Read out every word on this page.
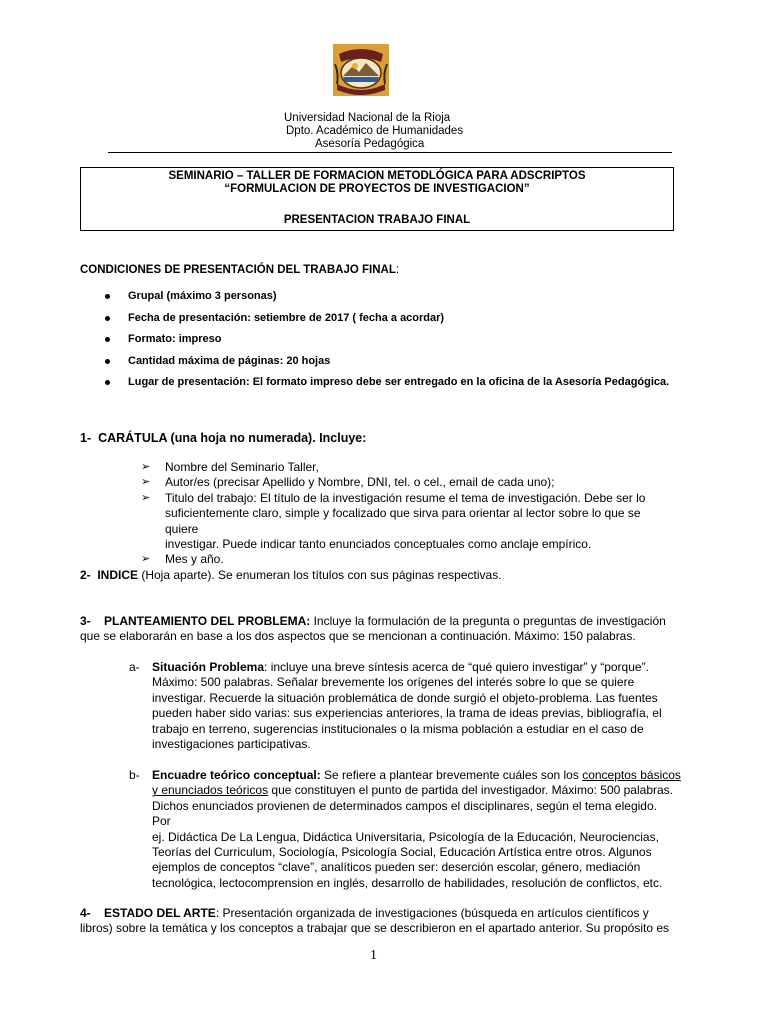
Universidad Nacional de la Rioja
Dpto. Académico de Humanidades
Asesoría Pedagógica
SEMINARIO – TALLER DE FORMACION METODLÓGICA PARA ADSCRIPTOS
“FORMULACION DE PROYECTOS DE INVESTIGACION”
PRESENTACION TRABAJO FINAL
CONDICIONES DE PRESENTACIÓN DEL TRABAJO FINAL:
Grupal (máximo 3 personas)
Fecha de presentación: setiembre de 2017 ( fecha a acordar)
Formato: impreso
Cantidad máxima de páginas: 20 hojas
Lugar de presentación: El formato impreso debe ser entregado en la oficina de la Asesoría Pedagógica.
1- CARÁTULA (una hoja no numerada). Incluye:
➢ Nombre del Seminario Taller,
➢ Autor/es (precisar Apellido y Nombre, DNI, tel. o cel., email de cada uno);
➢ Titulo del trabajo: El título de la investigación resume el tema de investigación. Debe ser lo
suficientemente claro, simple y focalizado que sirva para orientar al lector sobre lo que se quiere
investigar. Puede indicar tanto enunciados conceptuales como anclaje empírico.
➢ Mes y año.
2- INDICE (Hoja aparte). Se enumeran los títulos con sus páginas respectivas.
3- PLANTEAMIENTO DEL PROBLEMA: Incluye la formulación de la pregunta o preguntas de investigación
que se elaborarán en base a los dos aspectos que se mencionan a continuación. Máximo: 150 palabras.
a- Situación Problema: incluye una breve síntesis acerca de “qué quiero investigar” y “porque”.
Máximo: 500 palabras. Señalar brevemente los orígenes del interés sobre lo que se quiere
investigar. Recuerde la situación problemática de donde surgió el objeto-problema. Las fuentes
pueden haber sido varias: sus experiencias anteriores, la trama de ideas previas, bibliografía, el
trabajo en terreno, sugerencias institucionales o la misma población a estudiar en el caso de
investigaciones participativas.
b- Encuadre teórico conceptual: Se refiere a plantear brevemente cuáles son los conceptos básicos
y enunciados teóricos que constituyen el punto de partida del investigador. Máximo: 500 palabras.
Dichos enunciados provienen de determinados campos el disciplinares, según el tema elegido. Por
ej. Didáctica De La Lengua, Didáctica Universitaria, Psicología de la Educación, Neurociencias,
Teorías del Curriculum, Sociología, Psicología Social, Educación Artística entre otros. Algunos
ejemplos de conceptos “clave”, analíticos pueden ser: deserción escolar, género, mediación
tecnológica, lectocomprension en inglés, desarrollo de habilidades, resolución de conflictos, etc.
4- ESTADO DEL ARTE: Presentación organizada de investigaciones (búsqueda en artículos científicos y
libros) sobre la temática y los conceptos a trabajar que se describieron en el apartado anterior. Su propósito es
1
